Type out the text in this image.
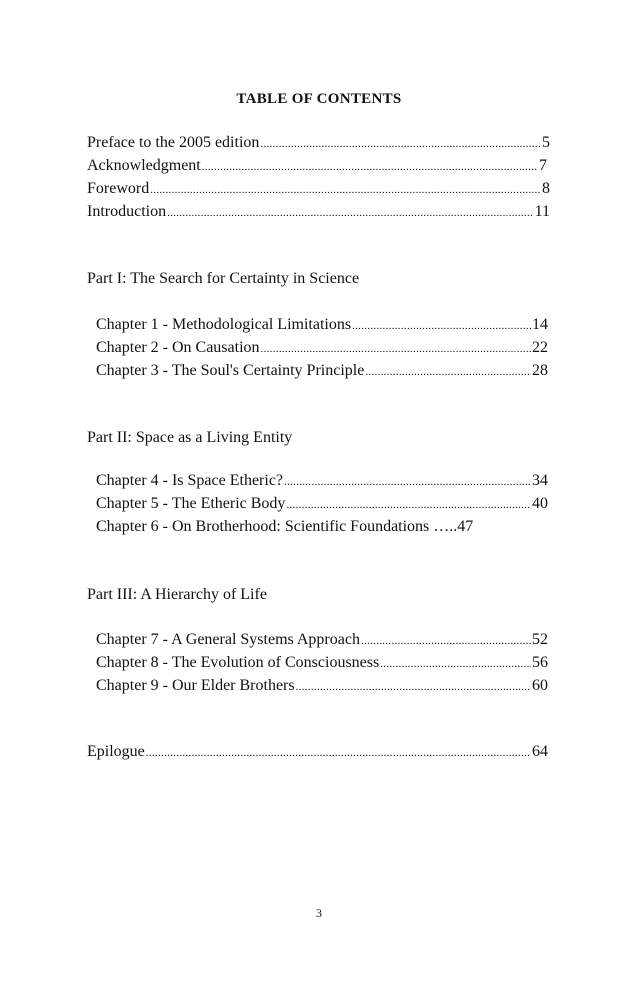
TABLE OF CONTENTS
Preface to the 2005 edition .....	5
Acknowledgment .....	7
Foreword .....	8
Introduction .....	11
Part I: The Search for Certainty in Science
Chapter 1 - Methodological Limitations .....	14
Chapter 2 - On Causation .....	22
Chapter 3 - The Soul's Certainty Principle .....	28
Part II: Space as a Living Entity
Chapter 4 - Is Space Etheric? .....	34
Chapter 5 - The Etheric Body .....	40
Chapter 6 - On Brotherhood: Scientific Foundations … ..47
Part III: A Hierarchy of Life
Chapter 7 - A General Systems Approach .....	52
Chapter 8 - The Evolution of Consciousness .....	56
Chapter 9 - Our Elder Brothers .....	60
Epilogue .....	64
3
